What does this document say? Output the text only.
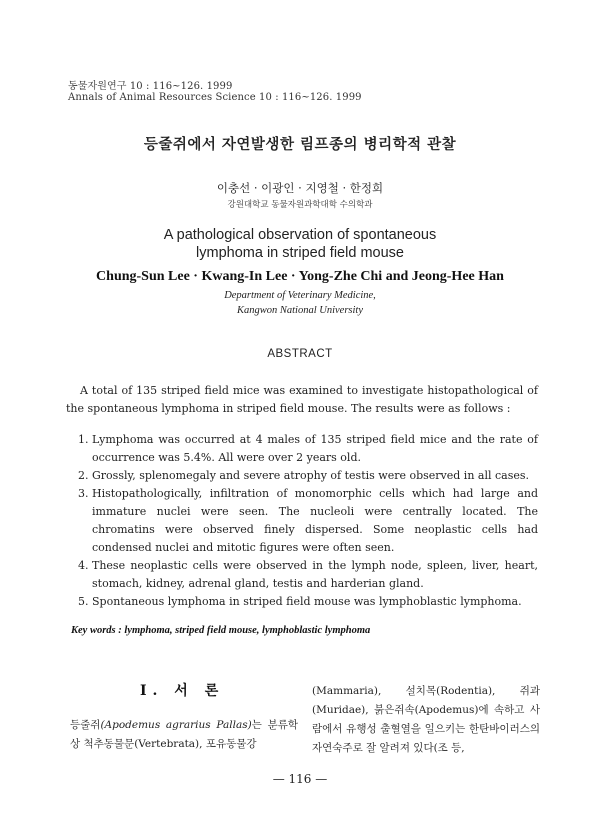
동물자원연구 10 : 116~126. 1999
Annals of Animal Resources Science 10 : 116~126. 1999
등줄쥐에서 자연발생한 림프종의 병리학적 관찰
이충선 · 이광인 · 지영철 · 한정희
강원대학교 동물자원과학대학 수의학과
A pathological observation of spontaneous
lymphoma in striped field mouse
Chung-Sun Lee · Kwang-In Lee · Yong-Zhe Chi and Jeong-Hee Han
Department of Veterinary Medicine,
Kangwon National University
ABSTRACT
A total of 135 striped field mice was examined to investigate histopathological of the spontaneous lymphoma in striped field mouse. The results were as follows :
1. Lymphoma was occurred at 4 males of 135 striped field mice and the rate of occurrence was 5.4%. All were over 2 years old.
2. Grossly, splenomegaly and severe atrophy of testis were observed in all cases.
3. Histopathologically, infiltration of monomorphic cells which had large and immature nuclei were seen. The nucleoli were centrally located. The chromatins were observed finely dispersed. Some neoplastic cells had condensed nuclei and mitotic figures were often seen.
4. These neoplastic cells were observed in the lymph node, spleen, liver, heart, stomach, kidney, adrenal gland, testis and harderian gland.
5. Spontaneous lymphoma in striped field mouse was lymphoblastic lymphoma.
Key words : lymphoma, striped field mouse, lymphoblastic lymphoma
I. 서 론
등줄쥐(Apodemus agrarius Pallas)는 분류학상 척추동물문(Vertebrata), 포유동물강
(Mammaria), 설치목(Rodentia), 쥐과(Muridae), 붉은쥐속(Apodemus)에 속하고 사람에서 유행성 출혈열을 일으키는 한탄바이러스의 자연숙주로 잘 알려져 있다(조 등,
— 116 —
